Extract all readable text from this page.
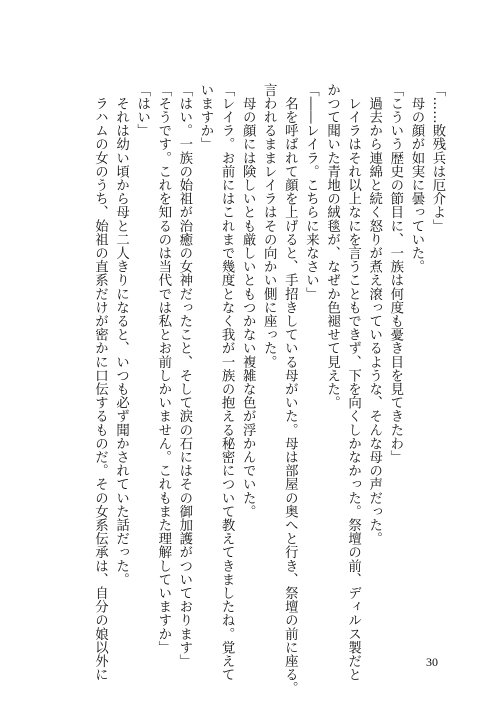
「……敗残兵は厄介よ」
　母の顔が如実に曇っていた。
「こういう歴史の節目に、一族は何度も憂き目を見てきたわ」
　過去から連綿と続く怒りが煮え滾っているような、そんな母の声だった。
　レイラはそれ以上なにを言うこともできず、下を向くしかなかった。祭壇の前、ディルス製だと
かつて聞いた青地の絨毯が、なぜか色褪せて見えた。
「――レイラ。こちらに来なさい」
　名を呼ばれて顔を上げると、手招きしている母がいた。母は部屋の奥へと行き、祭壇の前に座る。
言われるままレイラはその向かい側に座った。
　母の顔には険しいとも厳しいともつかない複雑な色が浮かんでいた。
「レイラ。お前にはこれまで幾度となく我が一族の抱える秘密について教えてきましたね。覚えて
いますか」
「はい。一族の始祖が治癒の女神だったこと、そして涙の石にはその御加護がついております」
「そうです。これを知るのは当代では私とお前しかいません。これもまた理解していますか」
「はい」
　それは幼い頃から母と二人きりになると、いつも必ず聞かされていた話だった。
　ラハムの女のうち、始祖の直系だけが密かに口伝するものだ。その女系伝承は、自分の娘以外に	30
